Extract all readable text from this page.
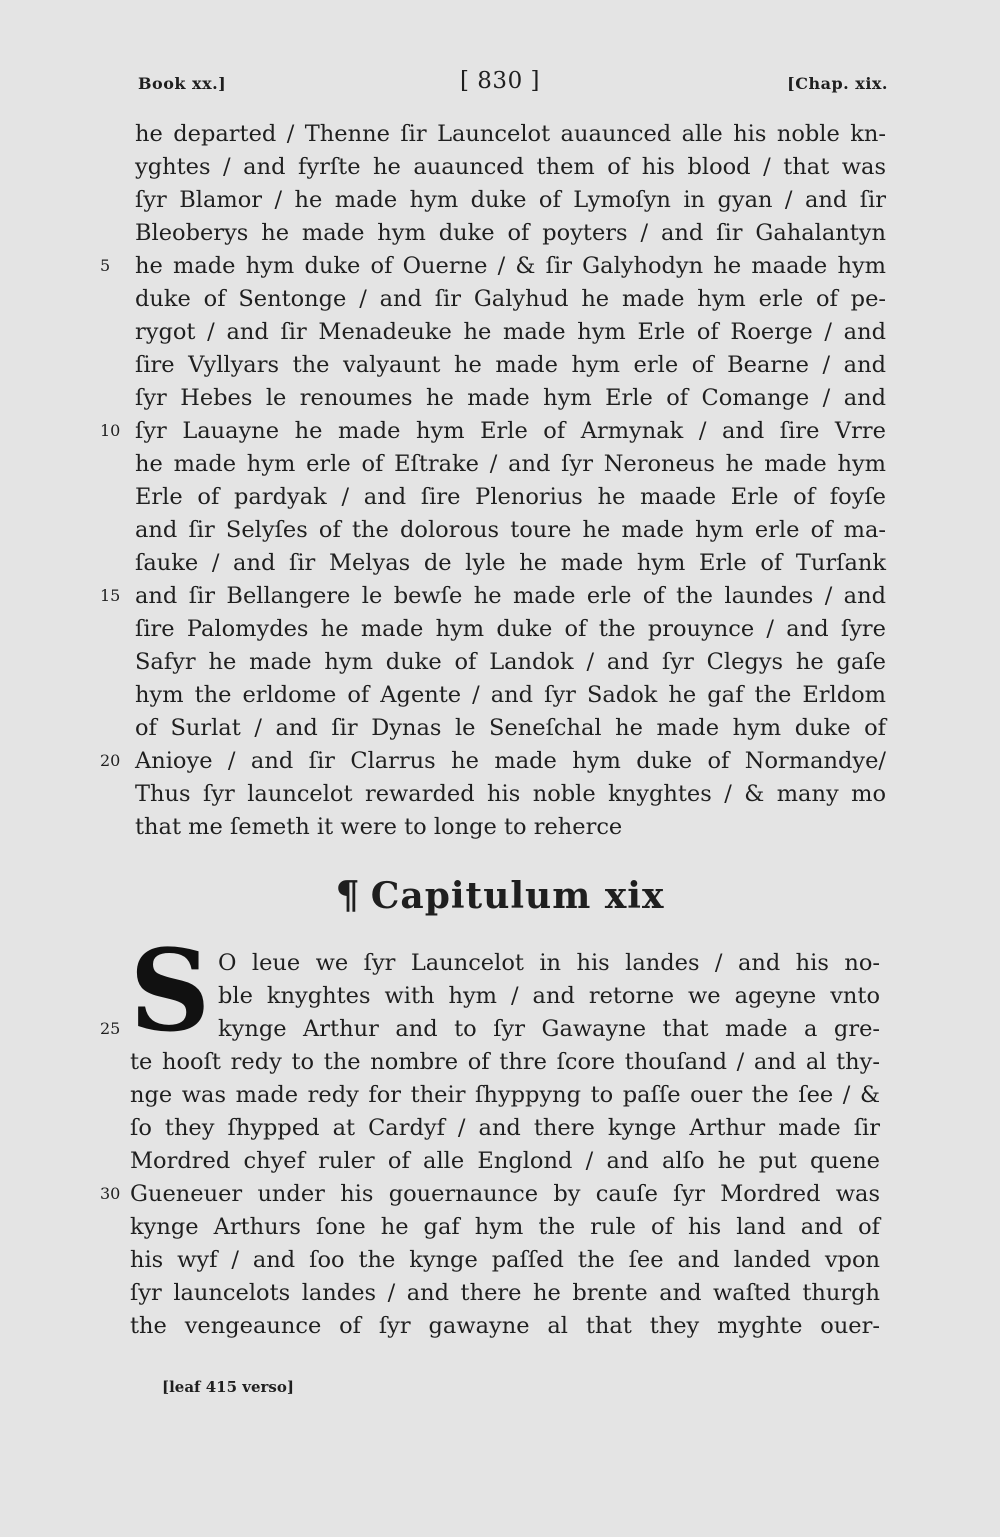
Book xx.]	[ 830 ]	[Chap. xix.
he departed / Thenne ſir Launcelot auaunced alle his noble kn-
yghtes / and fyrſte he auaunced them of his blood / that was
ſyr Blamor / he made hym duke of Lymoſyn in gyan / and ſir
Bleoberys he made hym duke of poyters / and ſir Gahalantyn
5	he made hym duke of Ouerne / & ſir Galyhodyn he maade hym
duke of Sentonge / and ſir Galyhud he made hym erle of pe-
rygot / and ſir Menadeuke he made hym Erle of Roerge / and
ſire Vyllyars the valyaunt he made hym erle of Bearne / and
ſyr Hebes le renoumes he made hym Erle of Comange / and
10 ſyr Lauayne he made hym Erle of Armynak / and ſire Vrre
he made hym erle of Eſtrake / and ſyr Neroneus he made hym
Erle of pardyak / and ſire Plenorius he maade Erle of foyſe
and ſir Selyſes of the dolorous toure he made hym erle of ma-
ſauke / and ſir Melyas de lyle he made hym Erle of Turſank
15 and ſir Bellangere le bewſe he made erle of the laundes / and
ſire Palomydes he made hym duke of the prouynce / and ſyre
Safyr he made hym duke of Landok / and ſyr Clegys he gaſe
hym the erldome of Agente / and ſyr Sadok he gaf the Erldom
of Surlat / and ſir Dynas le Seneſchal he made hym duke of
20 Anioye / and ſir Clarrus he made hym duke of Normandye/
Thus ſyr launcelot rewarded his noble knyghtes / & many mo
that me ſemeth it were to longe to reherce
¶ Capitulum xix
S O leue we ſyr Launcelot in his landes / and his no-
ble knyghtes with hym / and retorne we ageyne vnto
25	kynge Arthur and to ſyr Gawayne that made a gre-
te hooſt redy to the nombre of thre ſcore thouſand / and al thy-
nge was made redy for their ſhyppyng to paſſe ouer the ſee / &
ſo they ſhypped at Cardyf / and there kynge Arthur made ſir
Mordred chyef ruler of alle Englond / and alſo he put quene
30 Gueneuer under his gouernaunce by cauſe ſyr Mordred was
kynge Arthurs ſone he gaf hym the rule of his land and of
his wyf / and ſoo the kynge paſſed the ſee and landed vpon
ſyr launcelots landes / and there he brente and waſted thurgh
the vengeaunce of ſyr gawayne al that they myghte ouer-
[leaf 415 verso]
